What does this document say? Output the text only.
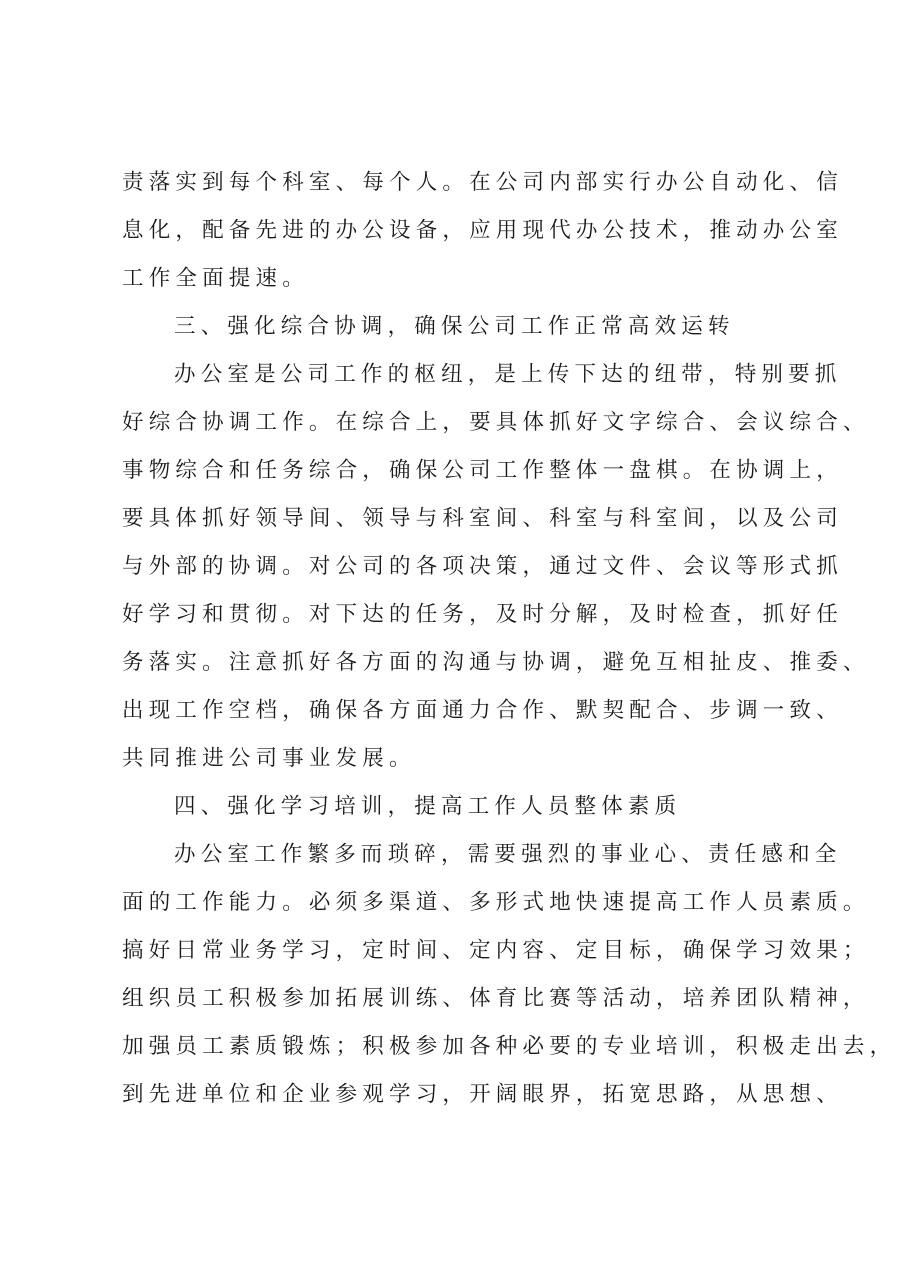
责落实到每个科室、每个人。在公司内部实行办公自动化、信
息化，配备先进的办公设备，应用现代办公技术，推动办公室
工作全面提速。
三、强化综合协调，确保公司工作正常高效运转
办公室是公司工作的枢纽，是上传下达的纽带，特别要抓
好综合协调工作。在综合上，要具体抓好文字综合、会议综合、
事物综合和任务综合，确保公司工作整体一盘棋。在协调上，
要具体抓好领导间、领导与科室间、科室与科室间，以及公司
与外部的协调。对公司的各项决策，通过文件、会议等形式抓
好学习和贯彻。对下达的任务，及时分解，及时检查，抓好任
务落实。注意抓好各方面的沟通与协调，避免互相扯皮、推委、
出现工作空档，确保各方面通力合作、默契配合、步调一致、
共同推进公司事业发展。
四、强化学习培训，提高工作人员整体素质
办公室工作繁多而琐碎，需要强烈的事业心、责任感和全
面的工作能力。必须多渠道、多形式地快速提高工作人员素质。
搞好日常业务学习，定时间、定内容、定目标，确保学习效果；
组织员工积极参加拓展训练、体育比赛等活动，培养团队精神，
加强员工素质锻炼；积极参加各种必要的专业培训，积极走出去，
到先进单位和企业参观学习，开阔眼界，拓宽思路，从思想、
